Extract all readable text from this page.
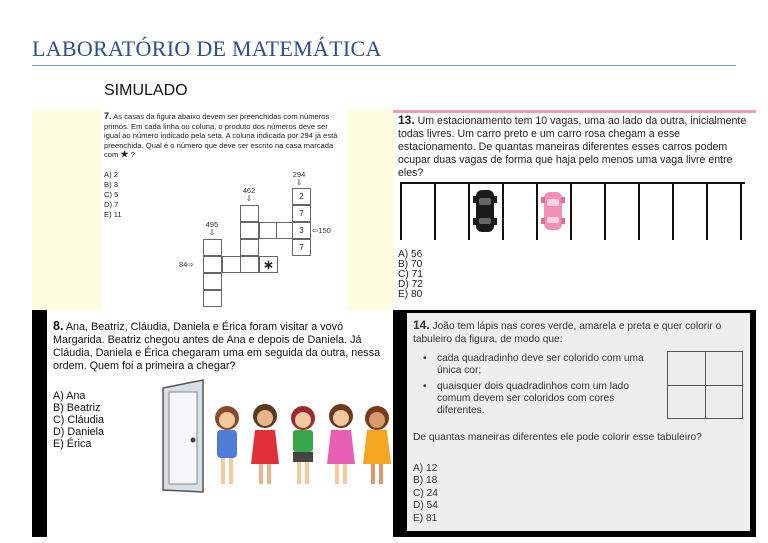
LABORATÓRIO DE MATEMÁTICA
SIMULADO
7. As casas da figura abaixo devem ser preenchidas com números primos. Em cada linha ou coluna, o produto dos números deve ser igual ao número indicado pela seta. A coluna indicada por 294 já está preenchida. Qual é o número que deve ser escrito na casa marcada com ★ ?
A) 2
B) 3
C) 5
D) 7
E) 11
294
⇩
462
⇩
495
⇩	⇦150
84⇨
2
7
3
7
∗
13. Um estacionamento tem 10 vagas, uma ao lado da outra, inicialmente todas livres. Um carro preto e um carro rosa chegam a esse estacionamento. De quantas maneiras diferentes esses carros podem ocupar duas vagas de forma que haja pelo menos uma vaga livre entre eles?
A) 56
B) 70
C) 71
D) 72
E) 80
8. Ana, Beatriz, Cláudia, Daniela e Érica foram visitar a vovó Margarida. Beatriz chegou antes de Ana e depois de Daniela. Já Cláudia, Daniela e Érica chegaram uma em seguida da outra, nessa ordem. Quem foi a primeira a chegar?
A) Ana
B) Beatriz
C) Cláudia
D) Daniela
E) Érica
14. João tem lápis nas cores verde, amarela e preta e quer colorir o tabuleiro da figura, de modo que:
• cada quadradinho deve ser colorido com uma única cor;
• quaisquer dois quadradinhos com um lado comum devem ser coloridos com cores diferentes.
De quantas maneiras diferentes ele pode colorir esse tabuleiro?
A) 12
B) 18
C) 24
D) 54
E) 81
